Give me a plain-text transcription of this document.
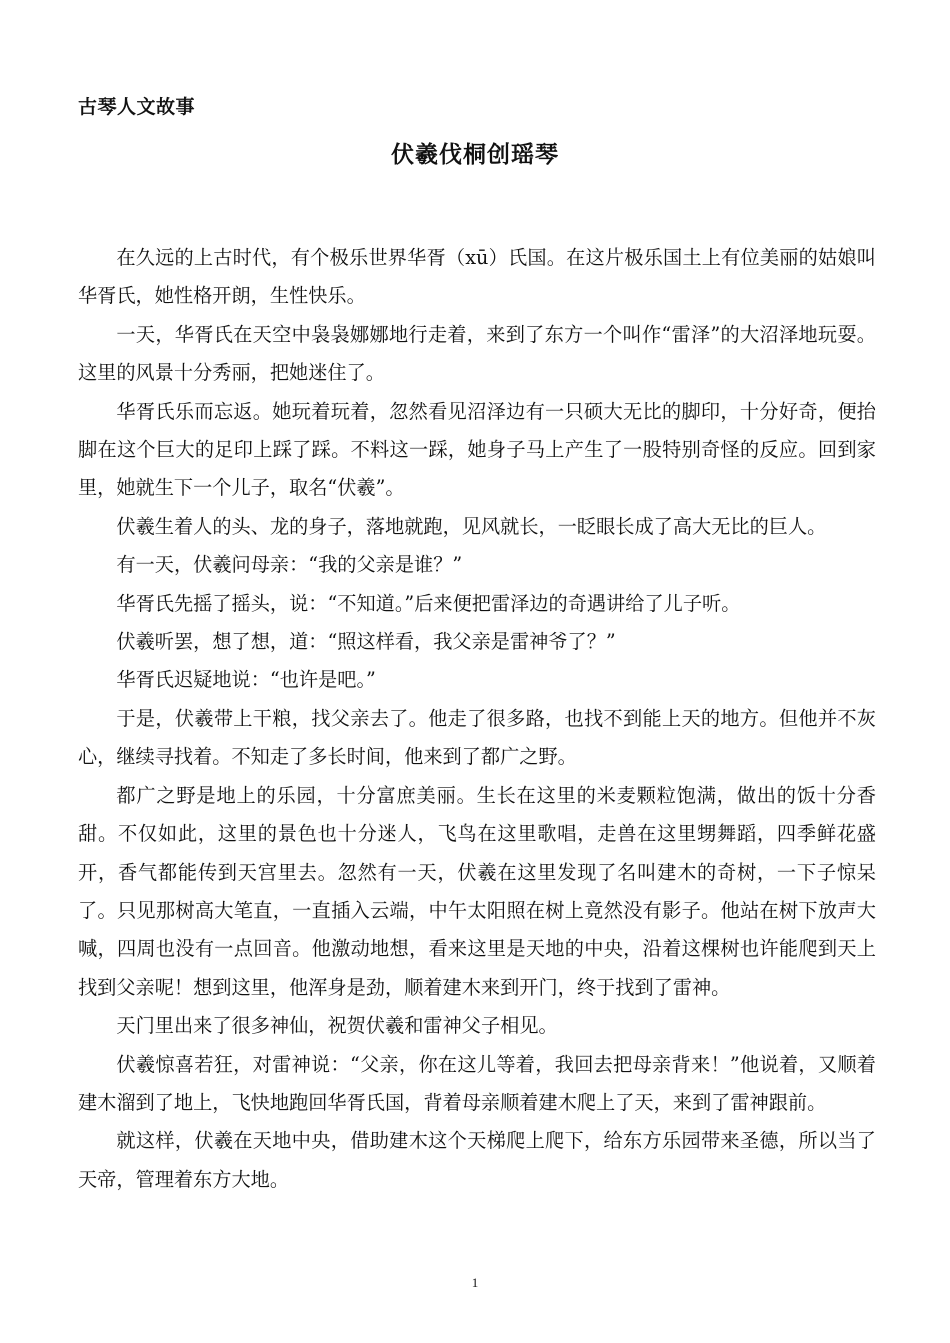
古琴人文故事
伏羲伐桐创瑶琴

在久远的上古时代，有个极乐世界华胥（xū）氏国。在这片极乐国土上有位美丽的姑娘叫华胥氏，她性格开朗，生性快乐。

一天，华胥氏在天空中袅袅娜娜地行走着，来到了东方一个叫作“雷泽”的大沼泽地玩耍。这里的风景十分秀丽，把她迷住了。

华胥氏乐而忘返。她玩着玩着，忽然看见沼泽边有一只硕大无比的脚印，十分好奇，便抬脚在这个巨大的足印上踩了踩。不料这一踩，她身子马上产生了一股特别奇怪的反应。回到家里，她就生下一个儿子，取名“伏羲”。

伏羲生着人的头、龙的身子，落地就跑，见风就长，一眨眼长成了高大无比的巨人。

有一天，伏羲问母亲：“我的父亲是谁？”

华胥氏先摇了摇头，说：“不知道。”后来便把雷泽边的奇遇讲给了儿子听。

伏羲听罢，想了想，道：“照这样看，我父亲是雷神爷了？”

华胥氏迟疑地说：“也许是吧。”

于是，伏羲带上干粮，找父亲去了。他走了很多路，也找不到能上天的地方。但他并不灰心，继续寻找着。不知走了多长时间，他来到了都广之野。

都广之野是地上的乐园，十分富庶美丽。生长在这里的米麦颗粒饱满，做出的饭十分香甜。不仅如此，这里的景色也十分迷人，飞鸟在这里歌唱，走兽在这里甥舞蹈，四季鲜花盛开，香气都能传到天宫里去。忽然有一天，伏羲在这里发现了名叫建木的奇树，一下子惊呆了。只见那树高大笔直，一直插入云端，中午太阳照在树上竟然没有影子。他站在树下放声大喊，四周也没有一点回音。他激动地想，看来这里是天地的中央，沿着这棵树也许能爬到天上找到父亲呢！想到这里，他浑身是劲，顺着建木来到开门，终于找到了雷神。

天门里出来了很多神仙，祝贺伏羲和雷神父子相见。

伏羲惊喜若狂，对雷神说：“父亲，你在这儿等着，我回去把母亲背来！”他说着，又顺着建木溜到了地上，飞快地跑回华胥氏国，背着母亲顺着建木爬上了天，来到了雷神跟前。

就这样，伏羲在天地中央，借助建木这个天梯爬上爬下，给东方乐园带来圣德，所以当了天帝，管理着东方大地。

1
